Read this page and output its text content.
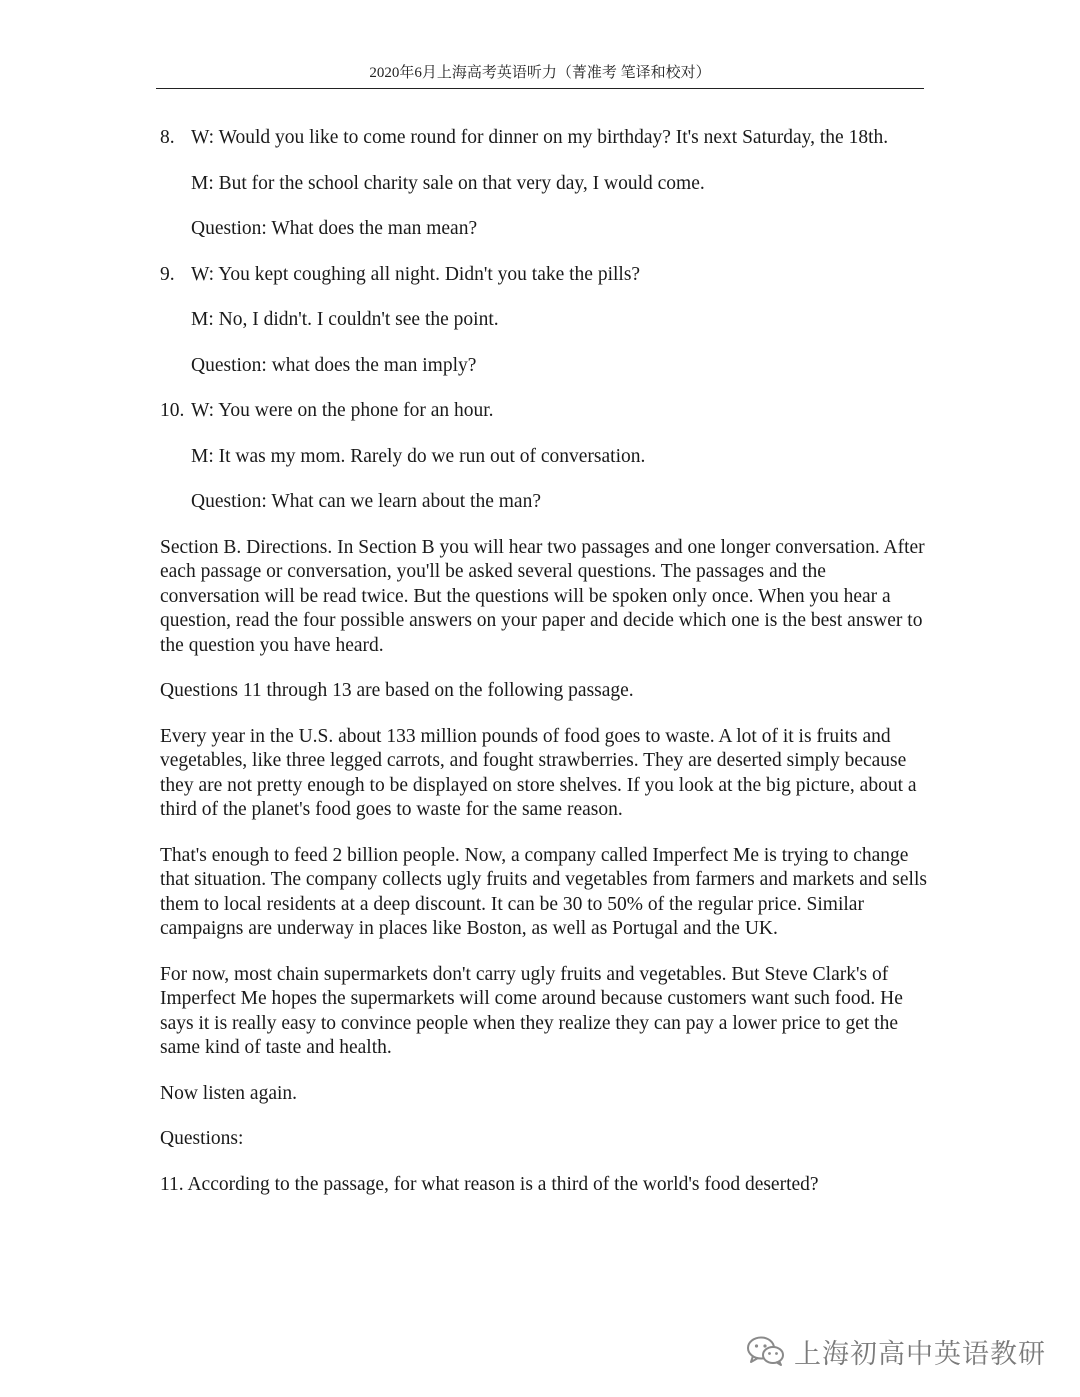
2020年6月上海高考英语听力（菁准考 笔译和校对）
8. W: Would you like to come round for dinner on my birthday? It's next Saturday, the 18th.
M: But for the school charity sale on that very day, I would come.
Question: What does the man mean?
9. W: You kept coughing all night. Didn't you take the pills?
M: No, I didn't. I couldn't see the point.
Question: what does the man imply?
10. W: You were on the phone for an hour.
M: It was my mom. Rarely do we run out of conversation.
Question: What can we learn about the man?

Section B. Directions. In Section B you will hear two passages and one longer conversation. After each passage or conversation, you'll be asked several questions. The passages and the conversation will be read twice. But the questions will be spoken only once. When you hear a question, read the four possible answers on your paper and decide which one is the best answer to the question you have heard.

Questions 11 through 13 are based on the following passage.

Every year in the U.S. about 133 million pounds of food goes to waste. A lot of it is fruits and vegetables, like three legged carrots, and fought strawberries. They are deserted simply because they are not pretty enough to be displayed on store shelves. If you look at the big picture, about a third of the planet's food goes to waste for the same reason.

That's enough to feed 2 billion people. Now, a company called Imperfect Me is trying to change that situation. The company collects ugly fruits and vegetables from farmers and markets and sells them to local residents at a deep discount. It can be 30 to 50% of the regular price. Similar campaigns are underway in places like Boston, as well as Portugal and the UK.

For now, most chain supermarkets don't carry ugly fruits and vegetables. But Steve Clark's of Imperfect Me hopes the supermarkets will come around because customers want such food. He says it is really easy to convince people when they realize they can pay a lower price to get the same kind of taste and health.

Now listen again.

Questions:

11. According to the passage, for what reason is a third of the world's food deserted?

上海初高中英语教研
